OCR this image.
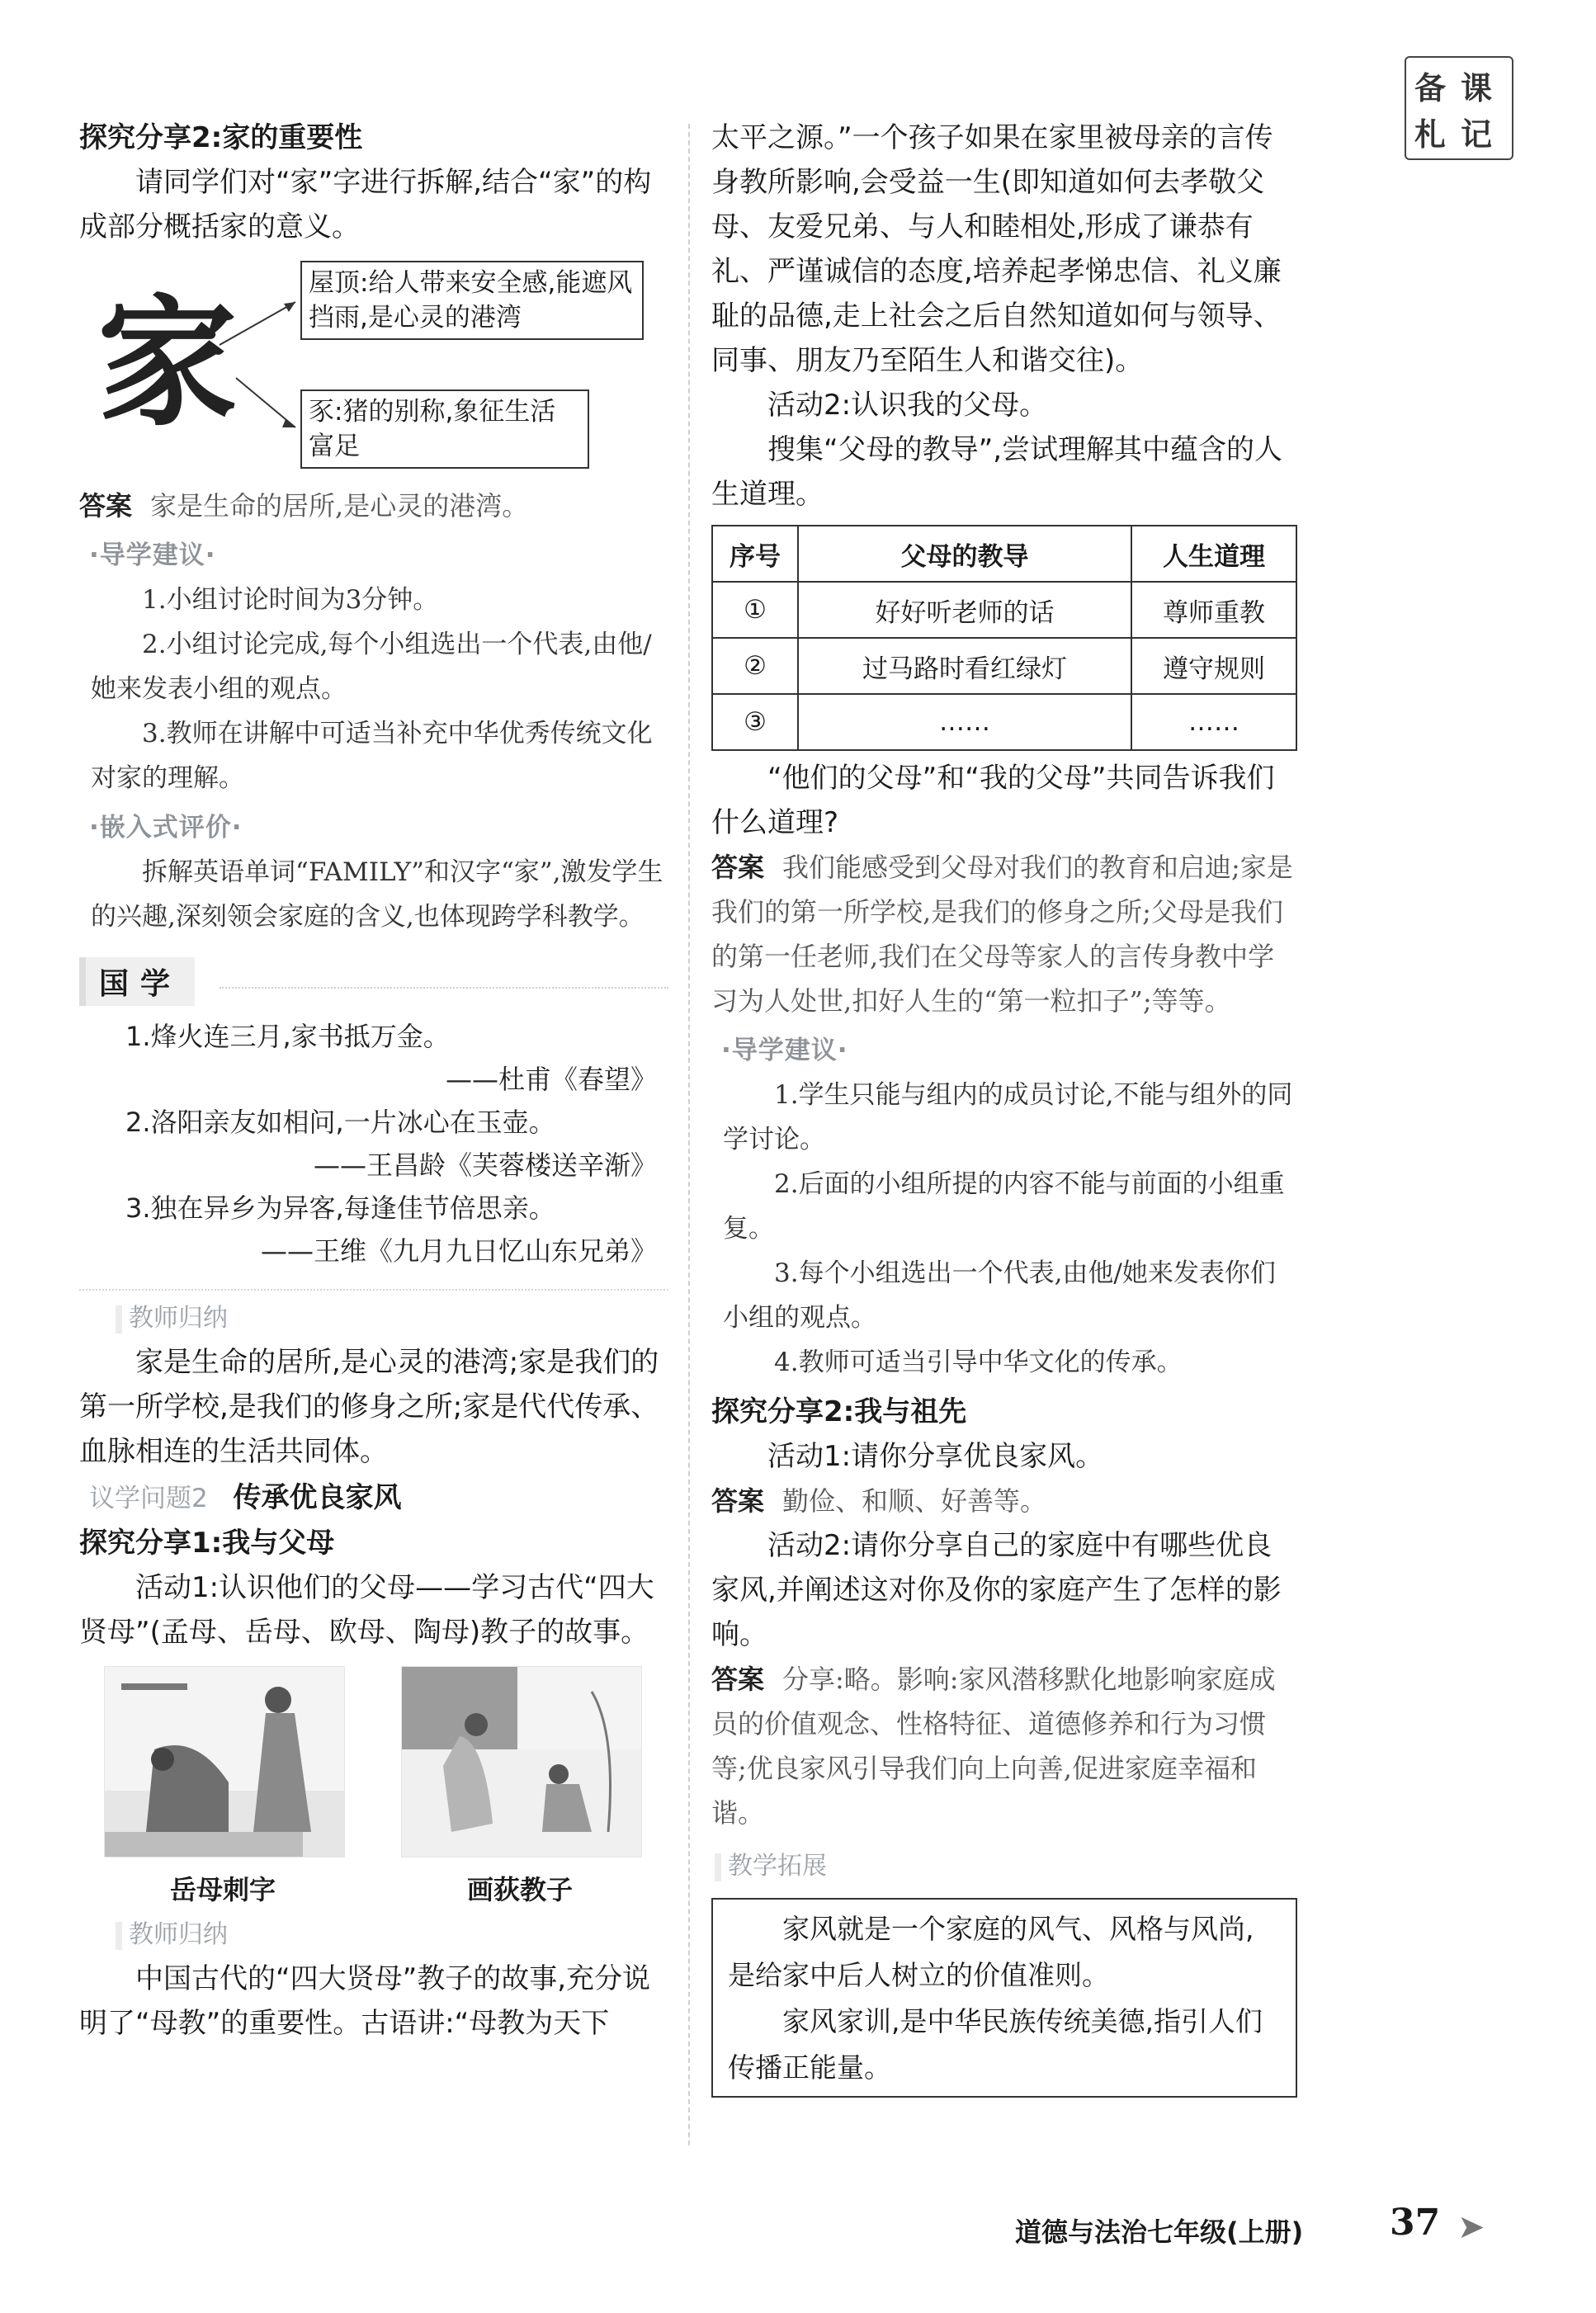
备 课
札 记

探究分享2:家的重要性

请同学们对“家”字进行拆解,结合“家”的构成部分概括家的意义。

家	屋顶:给人带来安全感,能遮风挡雨,是心灵的港湾
豕:猪的别称,象征生活富足

答案 家是生命的居所,是心灵的港湾。

·导学建议·

1.小组讨论时间为3分钟。

2.小组讨论完成,每个小组选出一个代表,由他/她来发表小组的观点。

3.教师在讲解中可适当补充中华优秀传统文化对家的理解。

·嵌入式评价·

拆解英语单词“FAMILY”和汉字“家”,激发学生的兴趣,深刻领会家庭的含义,也体现跨学科教学。

国学

1.烽火连三月,家书抵万金。

——杜甫《春望》

2.洛阳亲友如相问,一片冰心在玉壶。

——王昌龄《芙蓉楼送辛渐》

3.独在异乡为异客,每逢佳节倍思亲。

——王维《九月九日忆山东兄弟》

教师归纳

家是生命的居所,是心灵的港湾;家是我们的第一所学校,是我们的修身之所;家是代代传承、血脉相连的生活共同体。

议学问题2 传承优良家风

探究分享1:我与父母

活动1:认识他们的父母——学习古代“四大贤母”(孟母、岳母、欧母、陶母)教子的故事。

岳母刺字	画荻教子
教师归纳

中国古代的“四大贤母”教子的故事,充分说明了“母教”的重要性。古语讲:“母教为天下

太平之源。”一个孩子如果在家里被母亲的言传身教所影响,会受益一生(即知道如何去孝敬父母、友爱兄弟、与人和睦相处,形成了谦恭有礼、严谨诚信的态度,培养起孝悌忠信、礼义廉耻的品德,走上社会之后自然知道如何与领导、同事、朋友乃至陌生人和谐交往)。

活动2:认识我的父母。

搜集“父母的教导”,尝试理解其中蕴含的人生道理。

序号	父母的教导	人生道理
①	好好听老师的话	尊师重教
②	过马路时看红绿灯	遵守规则
③	……	……

“他们的父母”和“我的父母”共同告诉我们什么道理?

答案 我们能感受到父母对我们的教育和启迪;家是我们的第一所学校,是我们的修身之所;父母是我们的第一任老师,我们在父母等家人的言传身教中学习为人处世,扣好人生的“第一粒扣子”;等等。

·导学建议·

1.学生只能与组内的成员讨论,不能与组外的同学讨论。

2.后面的小组所提的内容不能与前面的小组重复。

3.每个小组选出一个代表,由他/她来发表你们小组的观点。

4.教师可适当引导中华文化的传承。

探究分享2:我与祖先

活动1:请你分享优良家风。

答案 勤俭、和顺、好善等。

活动2:请你分享自己的家庭中有哪些优良家风,并阐述这对你及你的家庭产生了怎样的影响。

答案 分享:略。影响:家风潜移默化地影响家庭成员的价值观念、性格特征、道德修养和行为习惯等;优良家风引导我们向上向善,促进家庭幸福和谐。

教学拓展

家风就是一个家庭的风气、风格与风尚,是给家中后人树立的价值准则。

家风家训,是中华民族传统美德,指引人们传播正能量。

道德与法治七年级(上册) 37 ➤
